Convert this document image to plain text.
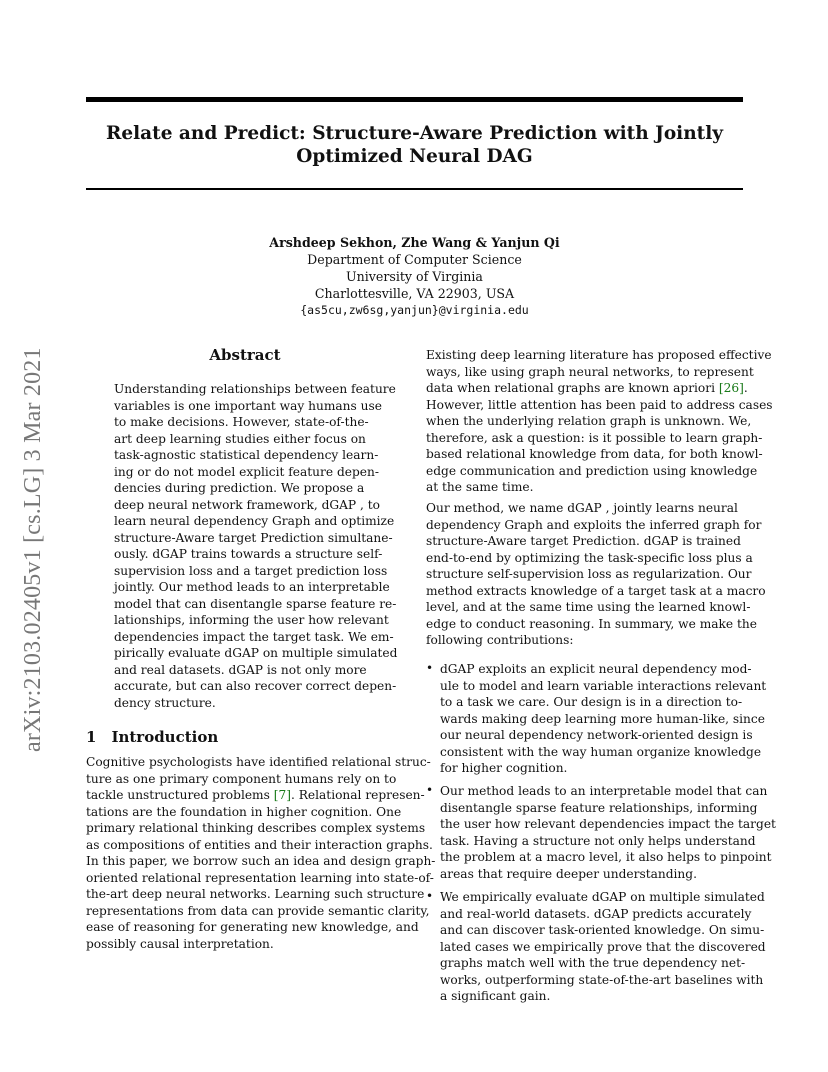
Relate and Predict: Structure-Aware Prediction with Jointly
Optimized Neural DAG
Arshdeep Sekhon, Zhe Wang & Yanjun Qi
Department of Computer Science
University of Virginia
Charlottesville, VA 22903, USA
{as5cu,zw6sg,yanjun}@virginia.edu
arXiv:2103.02405v1 [cs.LG] 3 Mar 2021	Abstract
Understanding relationships between feature
variables is one important way humans use
to make decisions. However, state-of-the-
art deep learning studies either focus on
task-agnostic statistical dependency learn-
ing or do not model explicit feature depen-
dencies during prediction. We propose a
deep neural network framework, dGAP , to
learn neural dependency Graph and optimize
structure-Aware target Prediction simultane-
ously. dGAP trains towards a structure self-
supervision loss and a target prediction loss
jointly. Our method leads to an interpretable
model that can disentangle sparse feature re-
lationships, informing the user how relevant
dependencies impact the target task. We em-
pirically evaluate dGAP on multiple simulated
and real datasets. dGAP is not only more
accurate, but can also recover correct depen-
dency structure.
1 Introduction
Cognitive psychologists have identified relational struc-
ture as one primary component humans rely on to
tackle unstructured problems [7]. Relational represen-
tations are the foundation in higher cognition. One
primary relational thinking describes complex systems
as compositions of entities and their interaction graphs.
In this paper, we borrow such an idea and design graph-
oriented relational representation learning into state-of-
the-art deep neural networks. Learning such structure
representations from data can provide semantic clarity,
ease of reasoning for generating new knowledge, and
possibly causal interpretation.
Existing deep learning literature has proposed effective
ways, like using graph neural networks, to represent
data when relational graphs are known apriori [26].
However, little attention has been paid to address cases
when the underlying relation graph is unknown. We,
therefore, ask a question: is it possible to learn graph-
based relational knowledge from data, for both knowl-
edge communication and prediction using knowledge
at the same time.
Our method, we name dGAP , jointly learns neural
dependency Graph and exploits the inferred graph for
structure-Aware target Prediction. dGAP is trained
end-to-end by optimizing the task-specific loss plus a
structure self-supervision loss as regularization. Our
method extracts knowledge of a target task at a macro
level, and at the same time using the learned knowl-
edge to conduct reasoning. In summary, we make the
following contributions:
• dGAP exploits an explicit neural dependency mod-
ule to model and learn variable interactions relevant
to a task we care. Our design is in a direction to-
wards making deep learning more human-like, since
our neural dependency network-oriented design is
consistent with the way human organize knowledge
for higher cognition.
• Our method leads to an interpretable model that can
disentangle sparse feature relationships, informing
the user how relevant dependencies impact the target
task. Having a structure not only helps understand
the problem at a macro level, it also helps to pinpoint
areas that require deeper understanding.
• We empirically evaluate dGAP on multiple simulated
and real-world datasets. dGAP predicts accurately
and can discover task-oriented knowledge. On simu-
lated cases we empirically prove that the discovered
graphs match well with the true dependency net-
works, outperforming state-of-the-art baselines with
a significant gain.
